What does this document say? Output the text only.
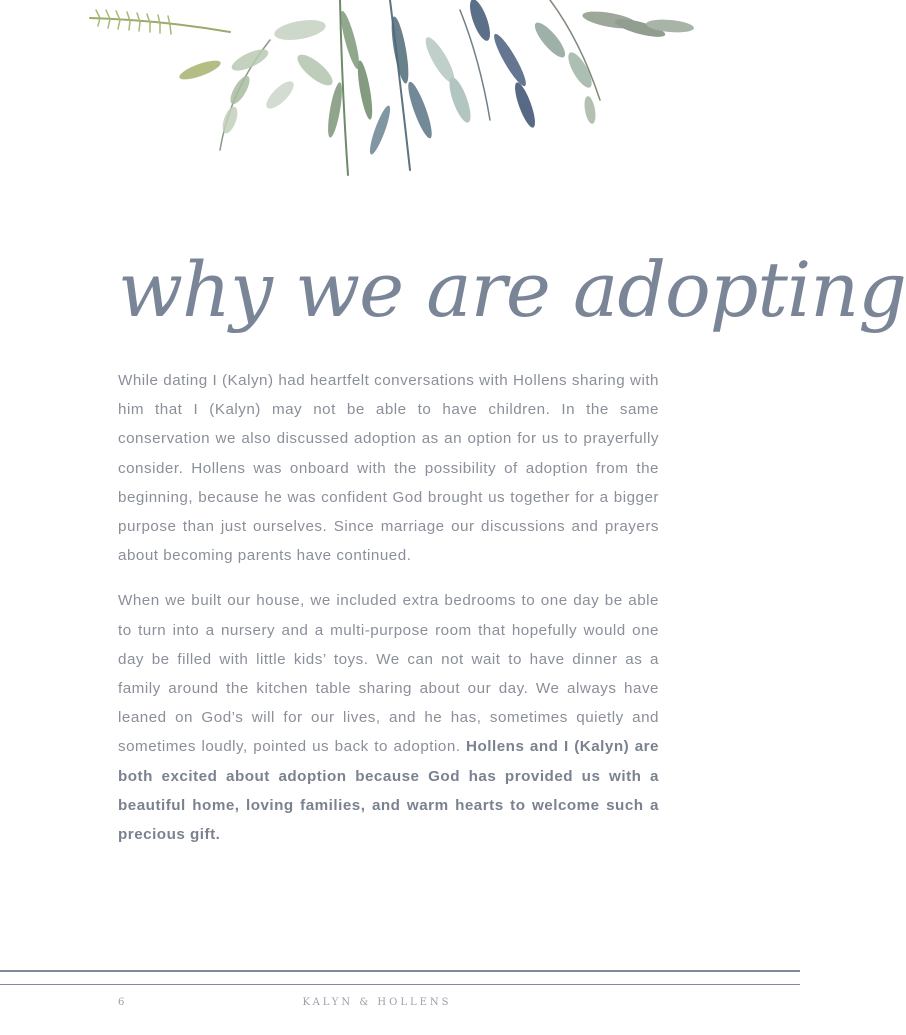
why we are adopting

While dating I (Kalyn) had heartfelt conversations with Hollens sharing with him that I (Kalyn) may not be able to have children. In the same conservation we also discussed adoption as an option for us to prayerfully consider. Hollens was onboard with the possibility of adoption from the beginning, because he was confident God brought us together for a bigger purpose than just ourselves. Since marriage our discussions and prayers about becoming parents have continued.

When we built our house, we included extra bedrooms to one day be able to turn into a nursery and a multi-purpose room that hopefully would one day be filled with little kids’ toys. We can not wait to have dinner as a family around the kitchen table sharing about our day. We always have leaned on God’s will for our lives, and he has, sometimes quietly and sometimes loudly, pointed us back to adoption. Hollens and I (Kalyn) are both excited about adoption because God has provided us with a beautiful home, loving families, and warm hearts to welcome such a precious gift.

6	KALYN & HOLLENS
